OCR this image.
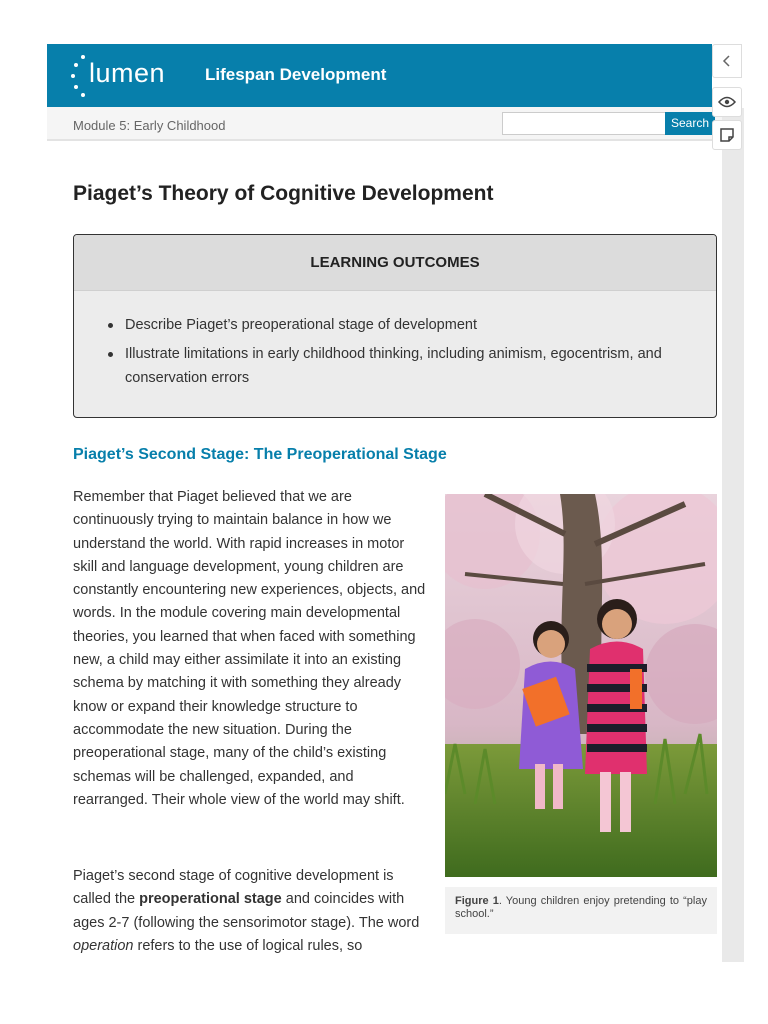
lumen Lifespan Development
Module 5: Early Childhood	Search
Piaget’s Theory of Cognitive Development
LEARNING OUTCOMES
Describe Piaget’s preoperational stage of development
Illustrate limitations in early childhood thinking, including animism, egocentrism, and conservation errors
Piaget’s Second Stage: The Preoperational Stage

Remember that Piaget believed that we are continuously trying to maintain balance in how we understand the world. With rapid increases in motor skill and language development, young children are constantly encountering new experiences, objects, and words. In the module covering main developmental theories, you learned that when faced with something new, a child may either assimilate it into an existing schema by matching it with something they already know or expand their knowledge structure to accommodate the new situation. During the preoperational stage, many of the child’s existing schemas will be challenged, expanded, and rearranged. Their whole view of the world may shift.

Piaget’s second stage of cognitive development is called the preoperational stage and coincides with ages 2-7 (following the sensorimotor stage). The word operation refers to the use of logical rules, so

Figure 1. Young children enjoy pretending to “play school.”
